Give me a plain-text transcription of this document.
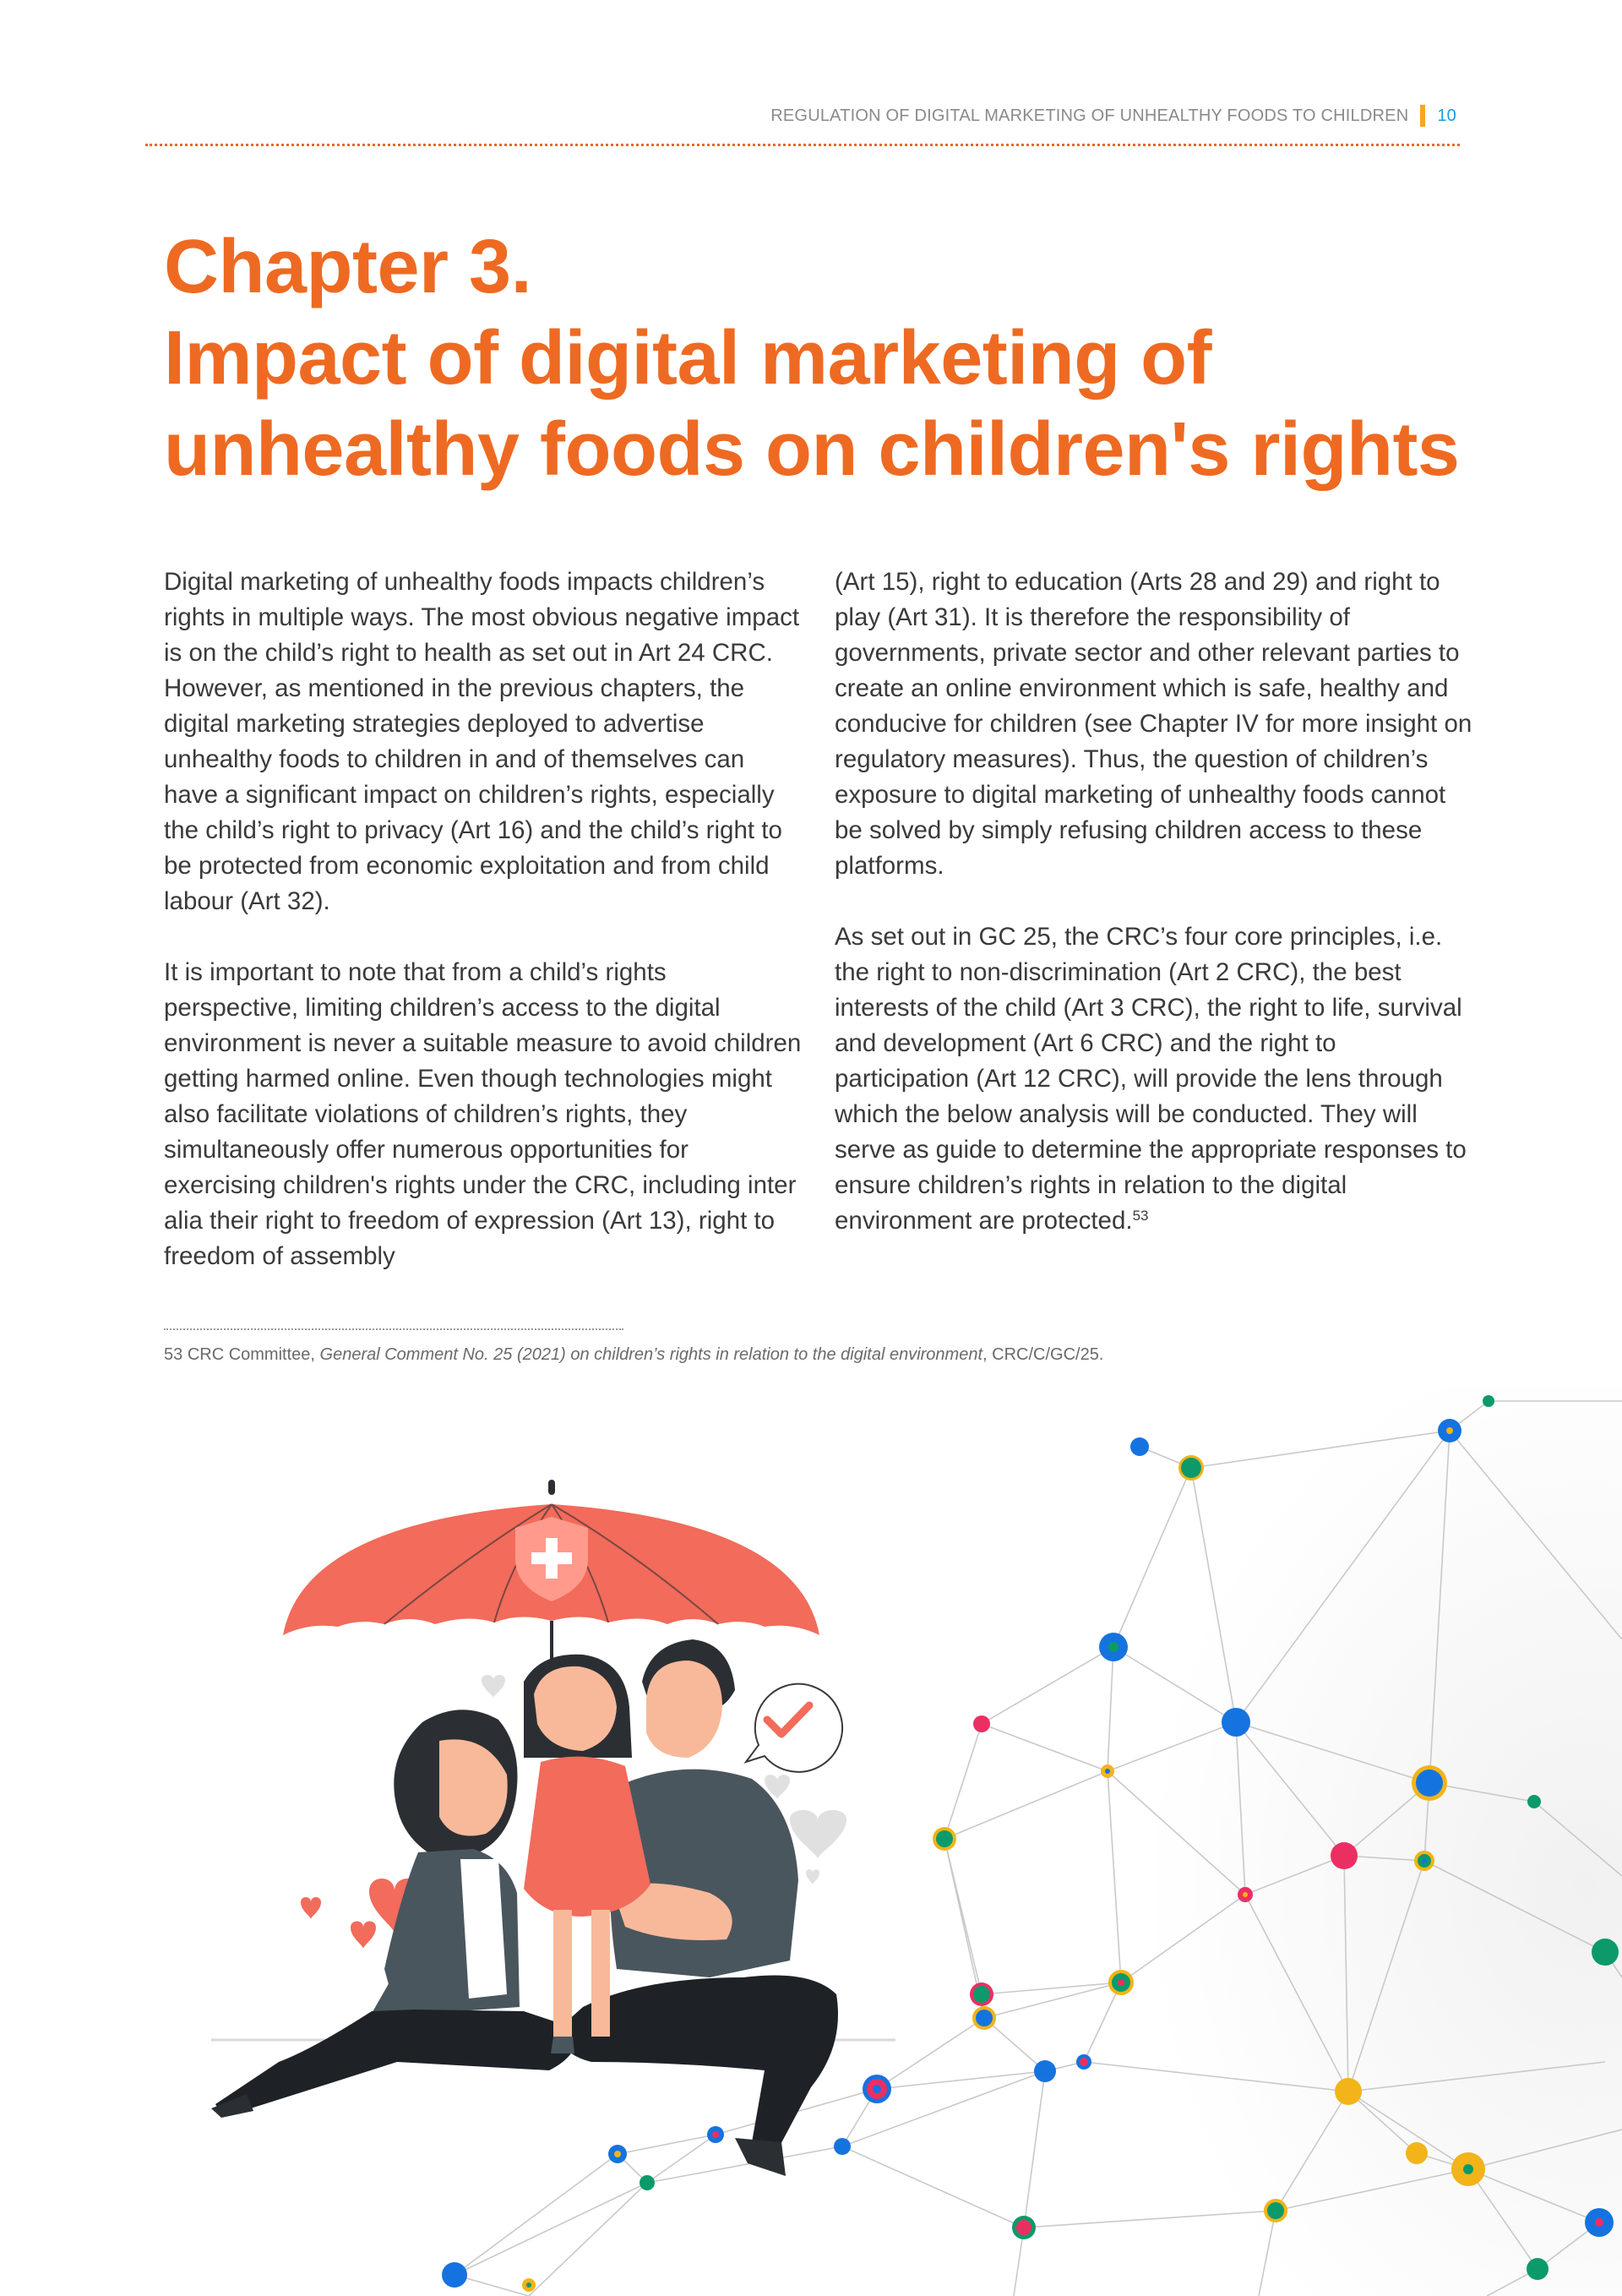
REGULATION OF DIGITAL MARKETING OF UNHEALTHY FOODS TO CHILDREN 10
Chapter 3.
Impact of digital marketing of
unhealthy foods on children's rights

Digital marketing of unhealthy foods impacts children’s rights in multiple ways. The most obvious negative impact is on the child’s right to health as set out in Art 24 CRC. However, as mentioned in the previous chapters, the digital marketing strategies deployed to advertise unhealthy foods to children in and of themselves can have a significant impact on children’s rights, especially the child’s right to privacy (Art 16) and the child’s right to be protected from economic exploitation and from child labour (Art 32).

It is important to note that from a child’s rights perspective, limiting children’s access to the digital environment is never a suitable measure to avoid children getting harmed online. Even though technologies might also facilitate violations of children’s rights, they simultaneously offer numerous opportunities for exercising children's rights under the CRC, including inter alia their right to freedom of expression (Art 13), right to freedom of assembly

(Art 15), right to education (Arts 28 and 29) and right to play (Art 31). It is therefore the responsibility of governments, private sector and other relevant parties to create an online environment which is safe, healthy and conducive for children (see Chapter IV for more insight on regulatory measures). Thus, the question of children’s exposure to digital marketing of unhealthy foods cannot be solved by simply refusing children access to these platforms.

As set out in GC 25, the CRC’s four core principles, i.e. the right to non-discrimination (Art 2 CRC), the best interests of the child (Art 3 CRC), the right to life, survival and development (Art 6 CRC) and the right to participation (Art 12 CRC), will provide the lens through which the below analysis will be conducted. They will serve as guide to determine the appropriate responses to ensure children’s rights in relation to the digital environment are protected.$^{53}$

53 CRC Committee, General Comment No. 25 (2021) on children’s rights in relation to the digital environment, CRC/C/GC/25.
